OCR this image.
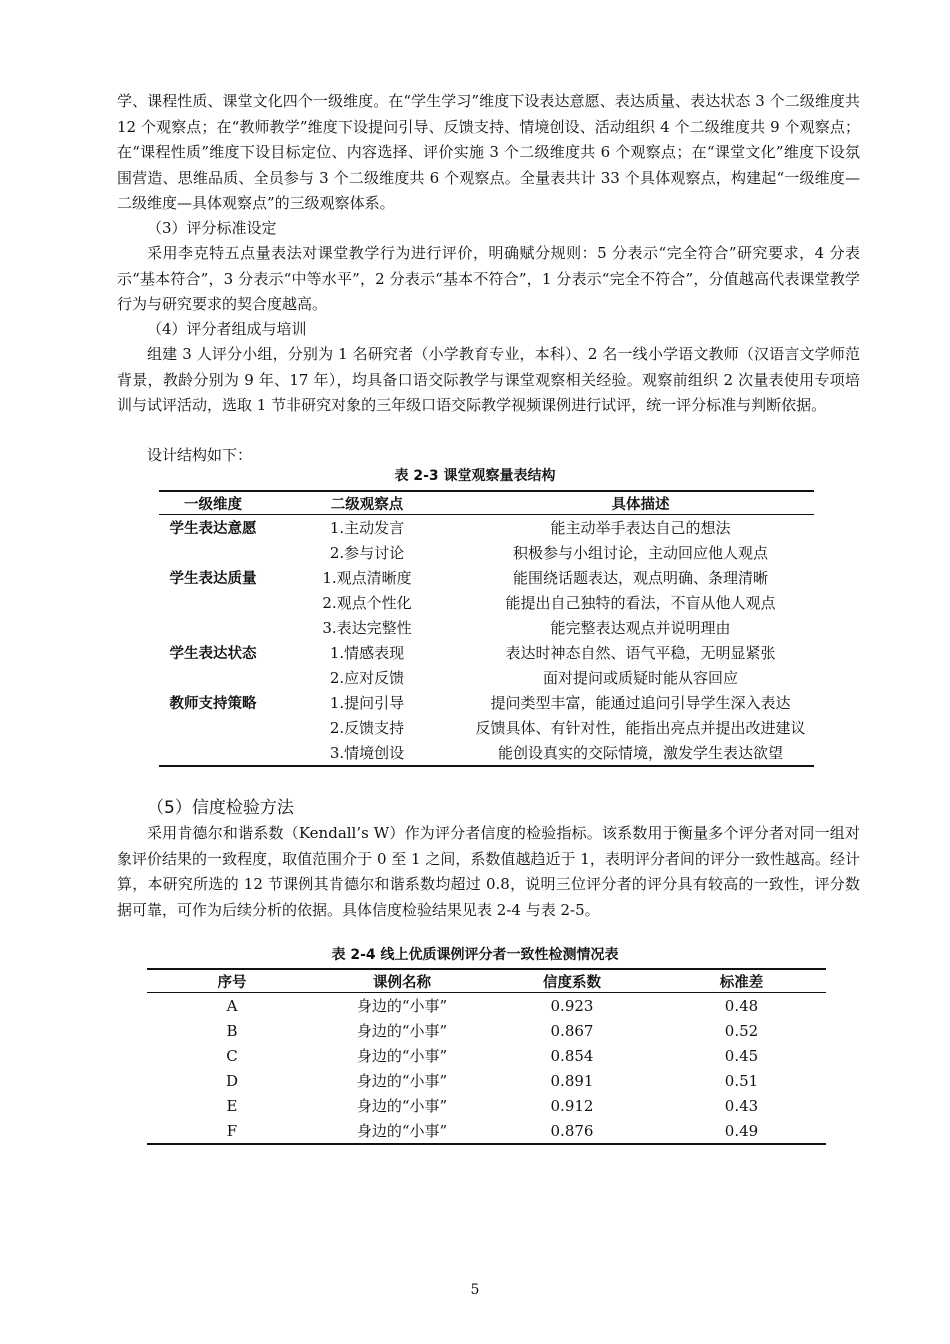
学、课程性质、课堂文化四个一级维度。在“学生学习”维度下设表达意愿、表达质量、表达状态 3 个二级维度共 12 个观察点；在“教师教学”维度下设提问引导、反馈支持、情境创设、活动组织 4 个二级维度共 9 个观察点；在“课程性质”维度下设目标定位、内容选择、评价实施 3 个二级维度共 6 个观察点；在“课堂文化”维度下设氛围营造、思维品质、全员参与 3 个二级维度共 6 个观察点。全量表共计 33 个具体观察点，构建起“一级维度—二级维度—具体观察点”的三级观察体系。

（3）评分标准设定

采用李克特五点量表法对课堂教学行为进行评价，明确赋分规则：5 分表示“完全符合”研究要求，4 分表示“基本符合”，3 分表示“中等水平”，2 分表示“基本不符合”，1 分表示“完全不符合”，分值越高代表课堂教学行为与研究要求的契合度越高。

（4）评分者组成与培训

组建 3 人评分小组，分别为 1 名研究者（小学教育专业，本科）、2 名一线小学语文教师（汉语言文学师范背景，教龄分别为 9 年、17 年），均具备口语交际教学与课堂观察相关经验。观察前组织 2 次量表使用专项培训与试评活动，选取 1 节非研究对象的三年级口语交际教学视频课例进行试评，统一评分标准与判断依据。

设计结构如下：

表 2-3 课堂观察量表结构

一级维度	二级观察点	具体描述
学生表达意愿	1.主动发言	能主动举手表达自己的想法
	2.参与讨论	积极参与小组讨论，主动回应他人观点
学生表达质量	1.观点清晰度	能围绕话题表达，观点明确、条理清晰
	2.观点个性化	能提出自己独特的看法，不盲从他人观点
	3.表达完整性	能完整表达观点并说明理由
学生表达状态	1.情感表现	表达时神态自然、语气平稳，无明显紧张
	2.应对反馈	面对提问或质疑时能从容回应
教师支持策略	1.提问引导	提问类型丰富，能通过追问引导学生深入表达
	2.反馈支持	反馈具体、有针对性，能指出亮点并提出改进建议
	3.情境创设	能创设真实的交际情境，激发学生表达欲望

（5）信度检验方法

采用肯德尔和谐系数（Kendall’s W）作为评分者信度的检验指标。该系数用于衡量多个评分者对同一组对象评价结果的一致程度，取值范围介于 0 至 1 之间，系数值越趋近于 1，表明评分者间的评分一致性越高。经计算，本研究所选的 12 节课例其肯德尔和谐系数均超过 0.8，说明三位评分者的评分具有较高的一致性，评分数据可靠，可作为后续分析的依据。具体信度检验结果见表 2-4 与表 2-5。

表 2-4 线上优质课例评分者一致性检测情况表

序号	课例名称	信度系数	标准差
A	身边的“小事”	0.923	0.48
B	身边的“小事”	0.867	0.52
C	身边的“小事”	0.854	0.45
D	身边的“小事”	0.891	0.51
E	身边的“小事”	0.912	0.43
F	身边的“小事”	0.876	0.49

5
